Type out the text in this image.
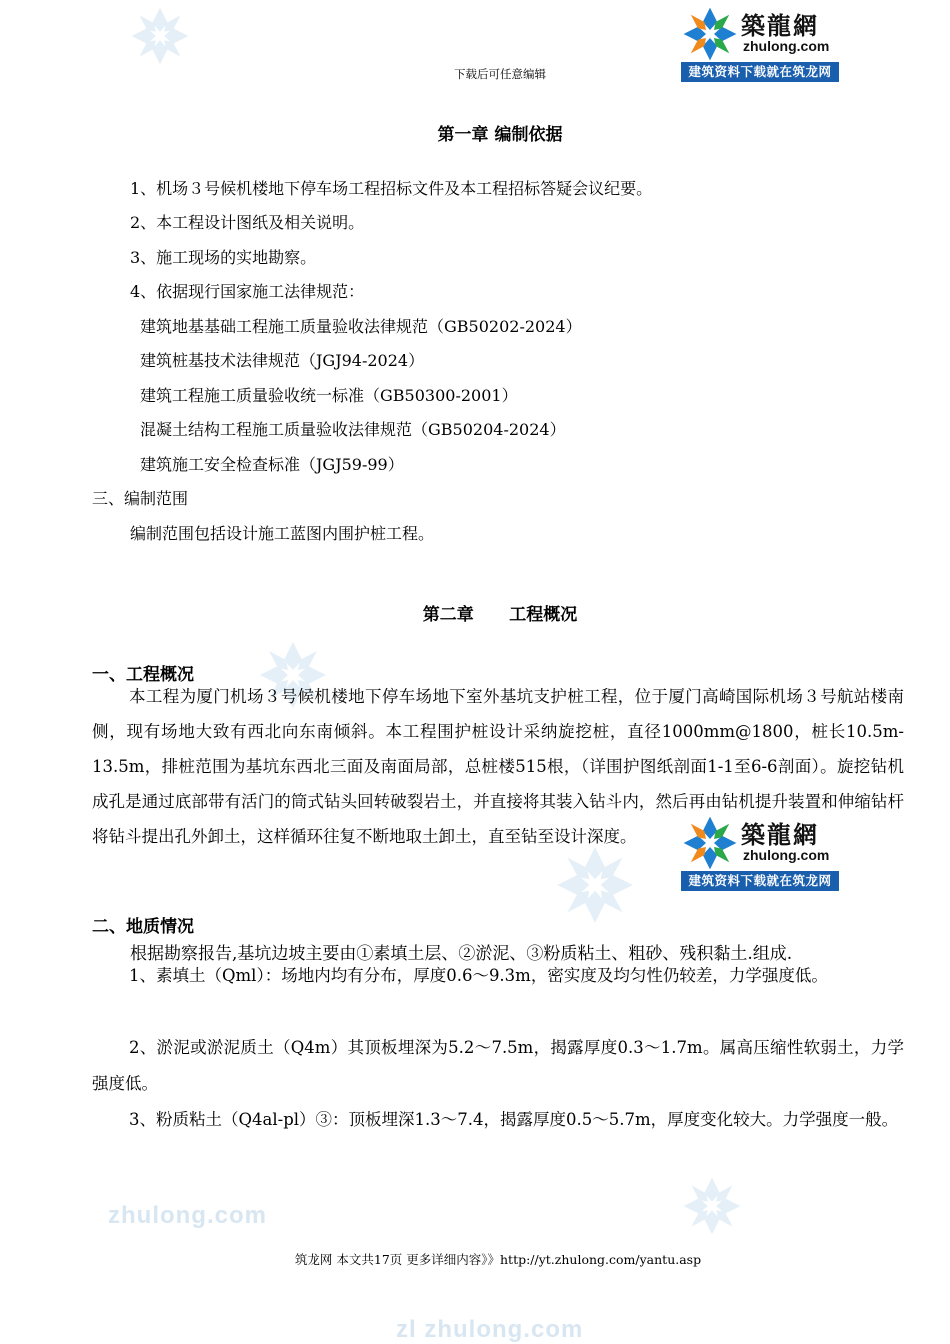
zhulong.com
zl zhulong.com
築龍網
zhulong.com
建筑资料下载就在筑龙网
築龍網
zhulong.com
建筑资料下载就在筑龙网
下载后可任意编辑
第一章 编制依据
1、机场３号候机楼地下停车场工程招标文件及本工程招标答疑会议纪要。
2、本工程设计图纸及相关说明。
3、施工现场的实地勘察。
4、依据现行国家施工法律规范：
建筑地基基础工程施工质量验收法律规范（GB50202-2024）
建筑桩基技术法律规范（JGJ94-2024）
建筑工程施工质量验收统一标准（GB50300-2001）
混凝土结构工程施工质量验收法律规范（GB50204-2024）
建筑施工安全检查标准（JGJ59-99）
三、编制范围
编制范围包括设计施工蓝图内围护桩工程。
第二章      工程概况
一、工程概况
本工程为厦门机场３号候机楼地下停车场地下室外基坑支护桩工程，位于厦门高崎国际机场３号航站楼南侧，现有场地大致有西北向东南倾斜。本工程围护桩设计采纳旋挖桩，直径1000mm@1800，桩长10.5m-13.5m，排桩范围为基坑东西北三面及南面局部，总桩楼515根，（详围护图纸剖面1-1至6-6剖面）。旋挖钻机成孔是通过底部带有活门的筒式钻头回转破裂岩土，并直接将其装入钻斗内，然后再由钻机提升装置和伸缩钻杆将钻斗提出孔外卸土，这样循环往复不断地取土卸土，直至钻至设计深度。
二、地质情况
根据勘察报告,基坑边坡主要由①素填土层、②淤泥、③粉质粘土、粗砂、残积黏土.组成.
1、素填土（Qml）：场地内均有分布，厚度0.6～9.3m，密实度及均匀性仍较差，力学强度低。
2、淤泥或淤泥质土（Q4m）其顶板埋深为5.2～7.5m，揭露厚度0.3～1.7m。属高压缩性软弱土，力学强度低。
3、粉质粘土（Q4al-pl）③：顶板埋深1.3～7.4，揭露厚度0.5～5.7m，厚度变化较大。力学强度一般。
筑龙网 本文共17页 更多详细内容》》http://yt.zhulong.com/yantu.asp
